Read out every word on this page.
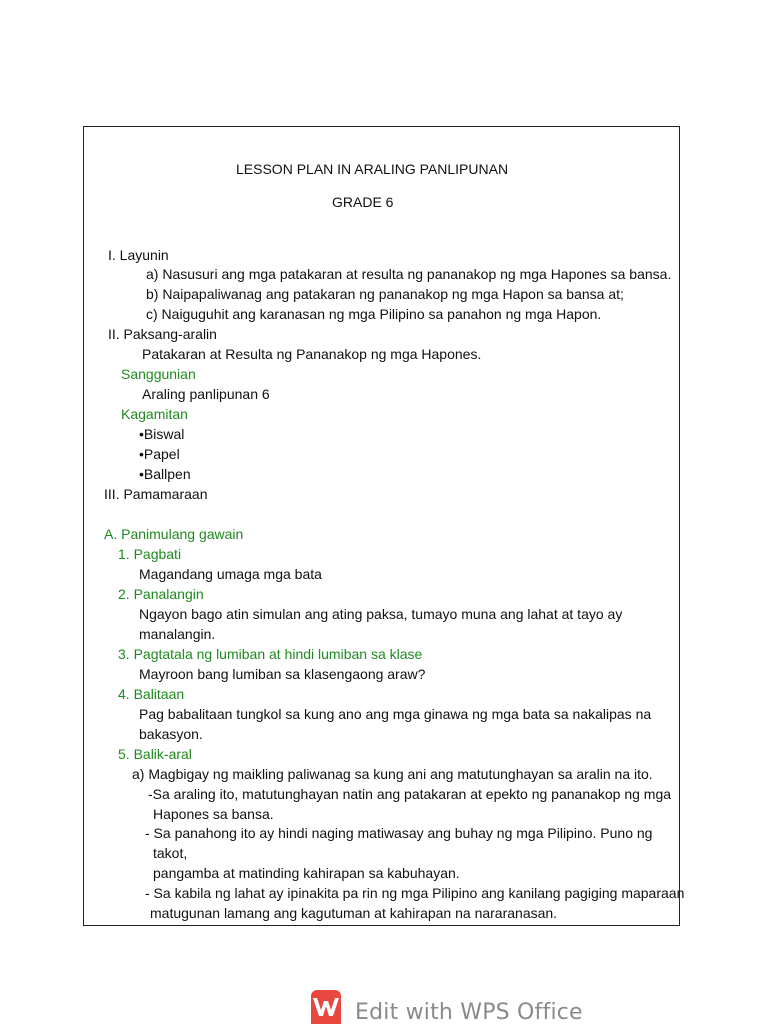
LESSON PLAN IN ARALING PANLIPUNAN
GRADE 6
I. Layunin
a) Nasusuri ang mga patakaran at resulta ng pananakop ng mga Hapones sa bansa.
b) Naipapaliwanag ang patakaran ng pananakop ng mga Hapon sa bansa at;
c) Naiguguhit ang karanasan ng mga Pilipino sa panahon ng mga Hapon.
II. Paksang-aralin
Patakaran at Resulta ng Pananakop ng mga Hapones.
Sanggunian
Araling panlipunan 6
Kagamitan
•Biswal
•Papel
•Ballpen
III. Pamamaraan
A. Panimulang gawain
1. Pagbati
Magandang umaga mga bata
2. Panalangin
Ngayon bago atin simulan ang ating paksa, tumayo muna ang lahat at tayo ay
manalangin.
3. Pagtatala ng lumiban at hindi lumiban sa klase
Mayroon bang lumiban sa klasengaong araw?
4. Balitaan
Pag babalitaan tungkol sa kung ano ang mga ginawa ng mga bata sa nakalipas na
bakasyon.
5. Balik-aral
a) Magbigay ng maikling paliwanag sa kung ani ang matutunghayan sa aralin na ito.
-Sa araling ito, matutunghayan natin ang patakaran at epekto ng pananakop ng mga
Hapones sa bansa.
- Sa panahong ito ay hindi naging matiwasay ang buhay ng mga Pilipino. Puno ng
takot,
pangamba at matinding kahirapan sa kabuhayan.
- Sa kabila ng lahat ay ipinakita pa rin ng mga Pilipino ang kanilang pagiging maparaan
matugunan lamang ang kagutuman at kahirapan na nararanasan.
Edit with WPS Office
